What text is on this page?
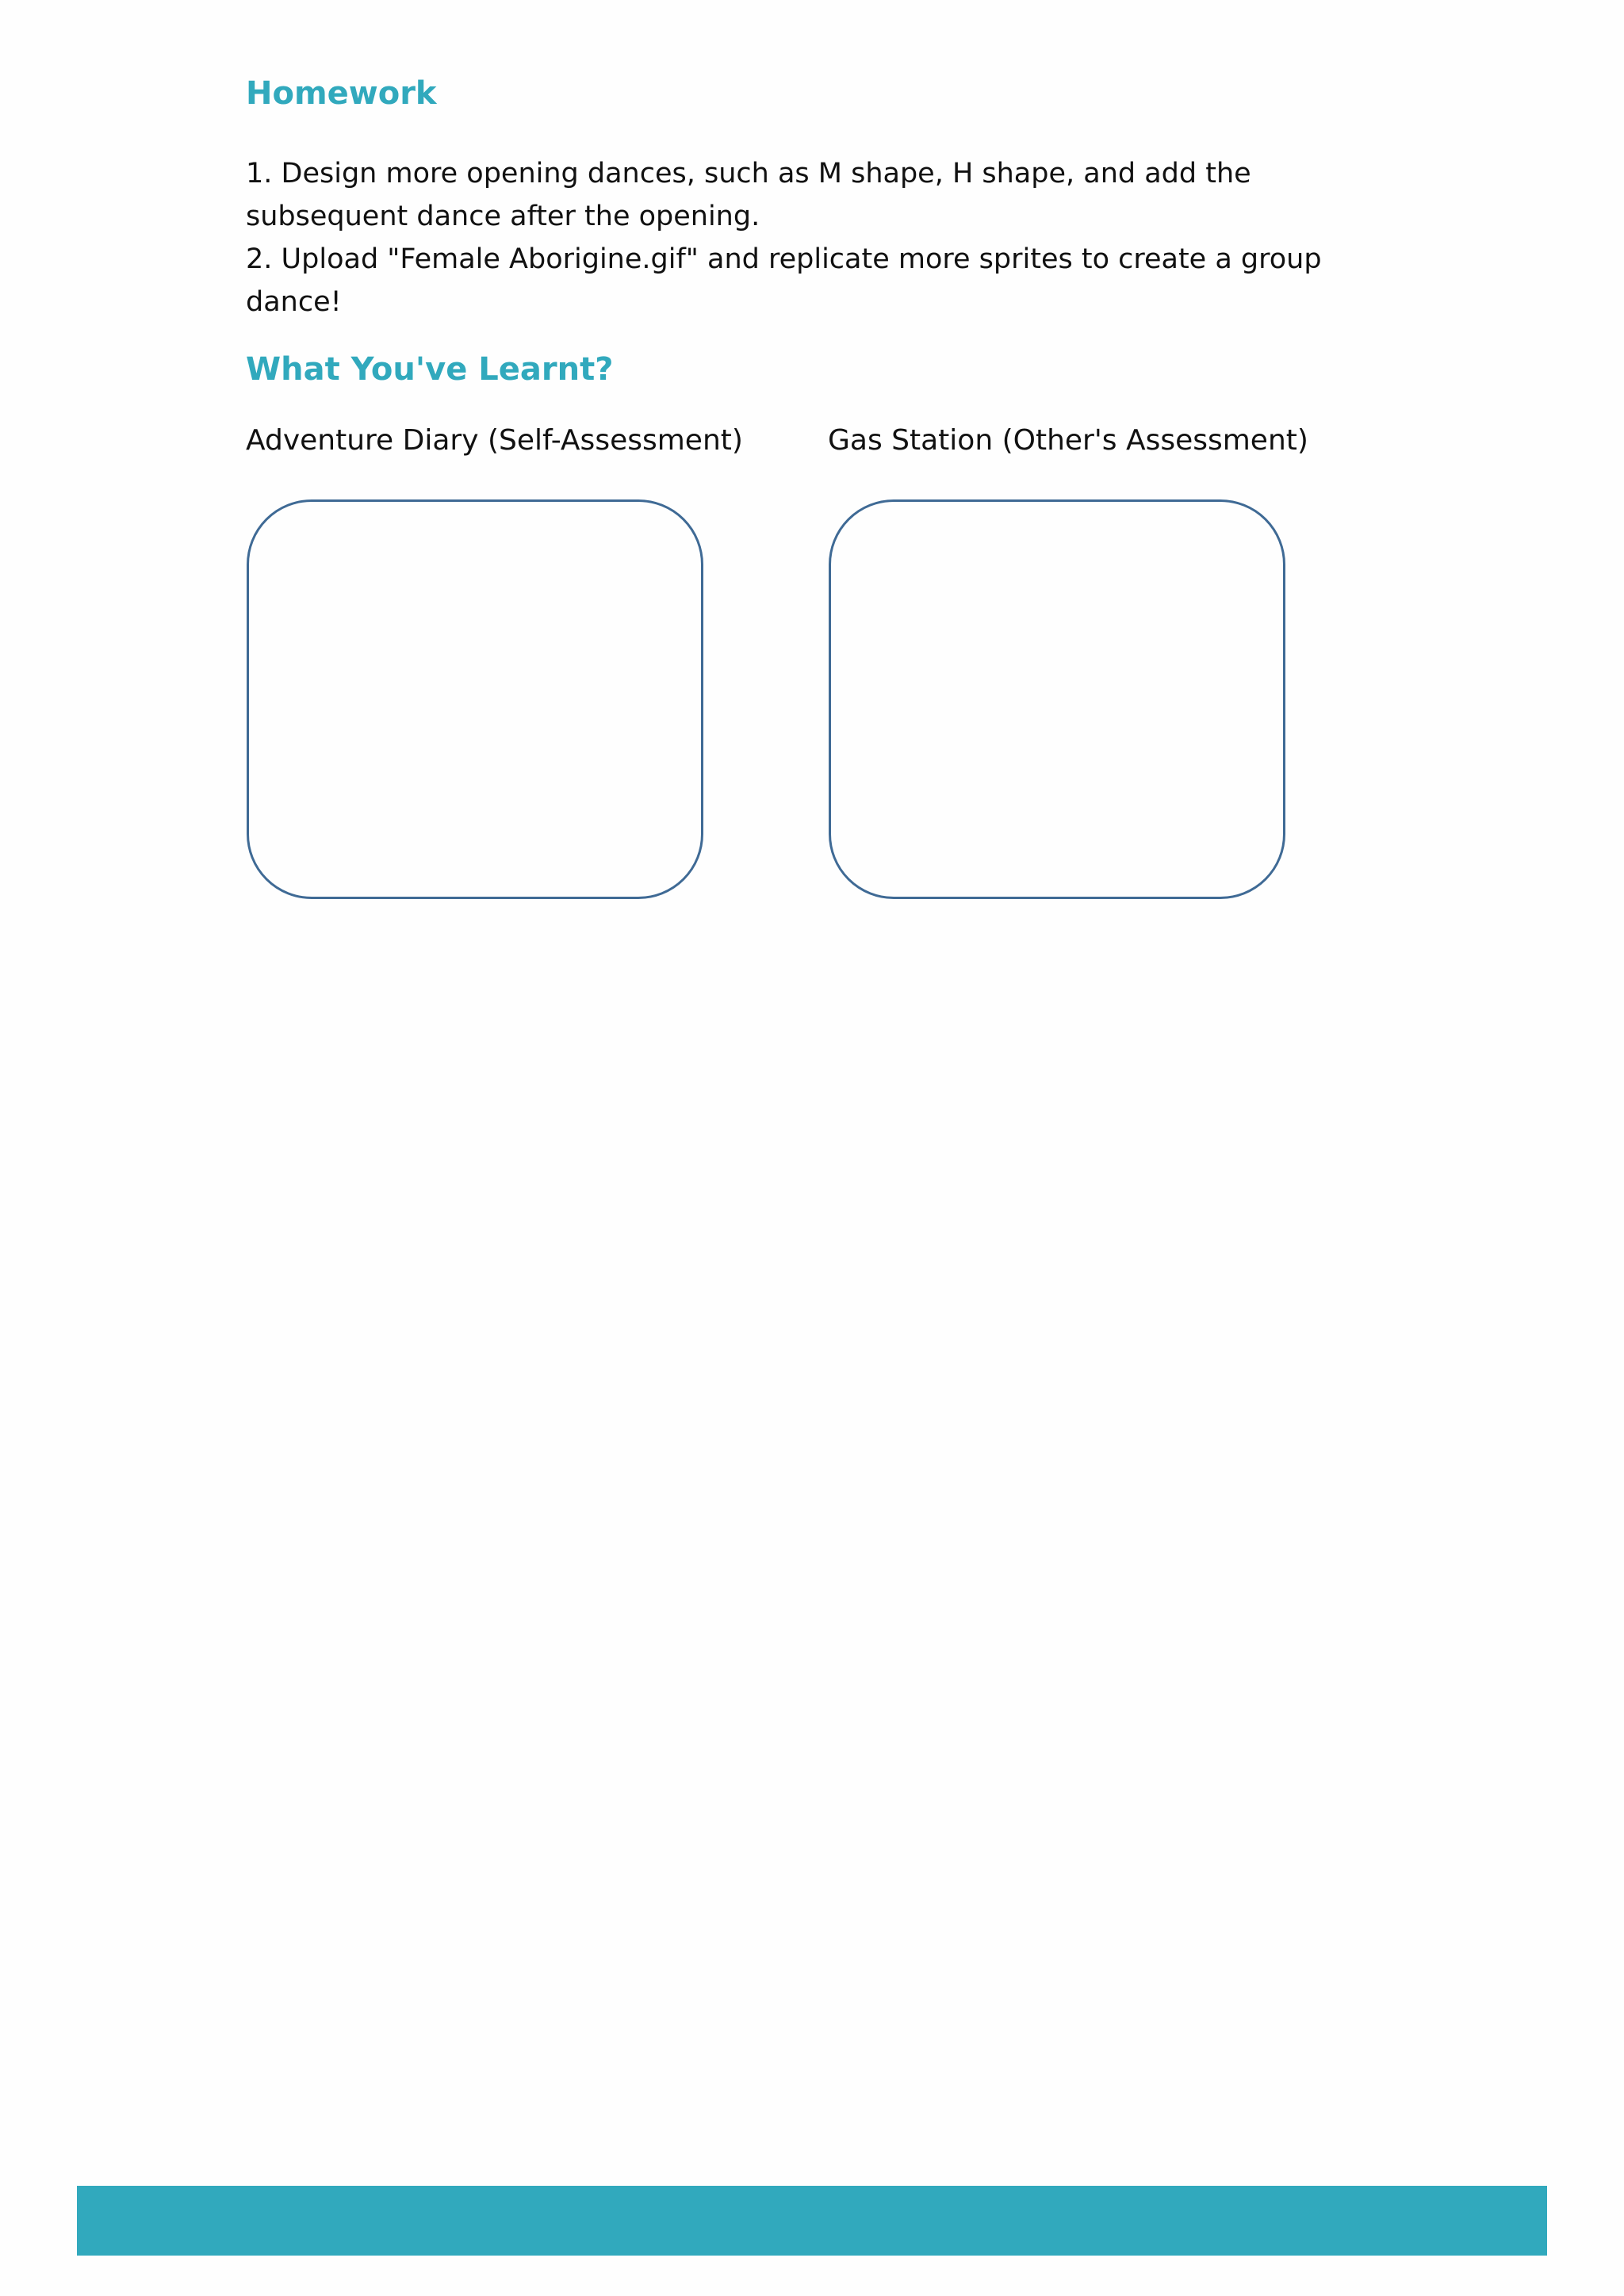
Homework
1. Design more opening dances, such as M shape, H shape, and add the subsequent dance after the opening.
2. Upload "Female Aborigine.gif" and replicate more sprites to create a group dance!
What You've Learnt?
Adventure Diary (Self-Assessment)	Gas Station (Other's Assessment)
